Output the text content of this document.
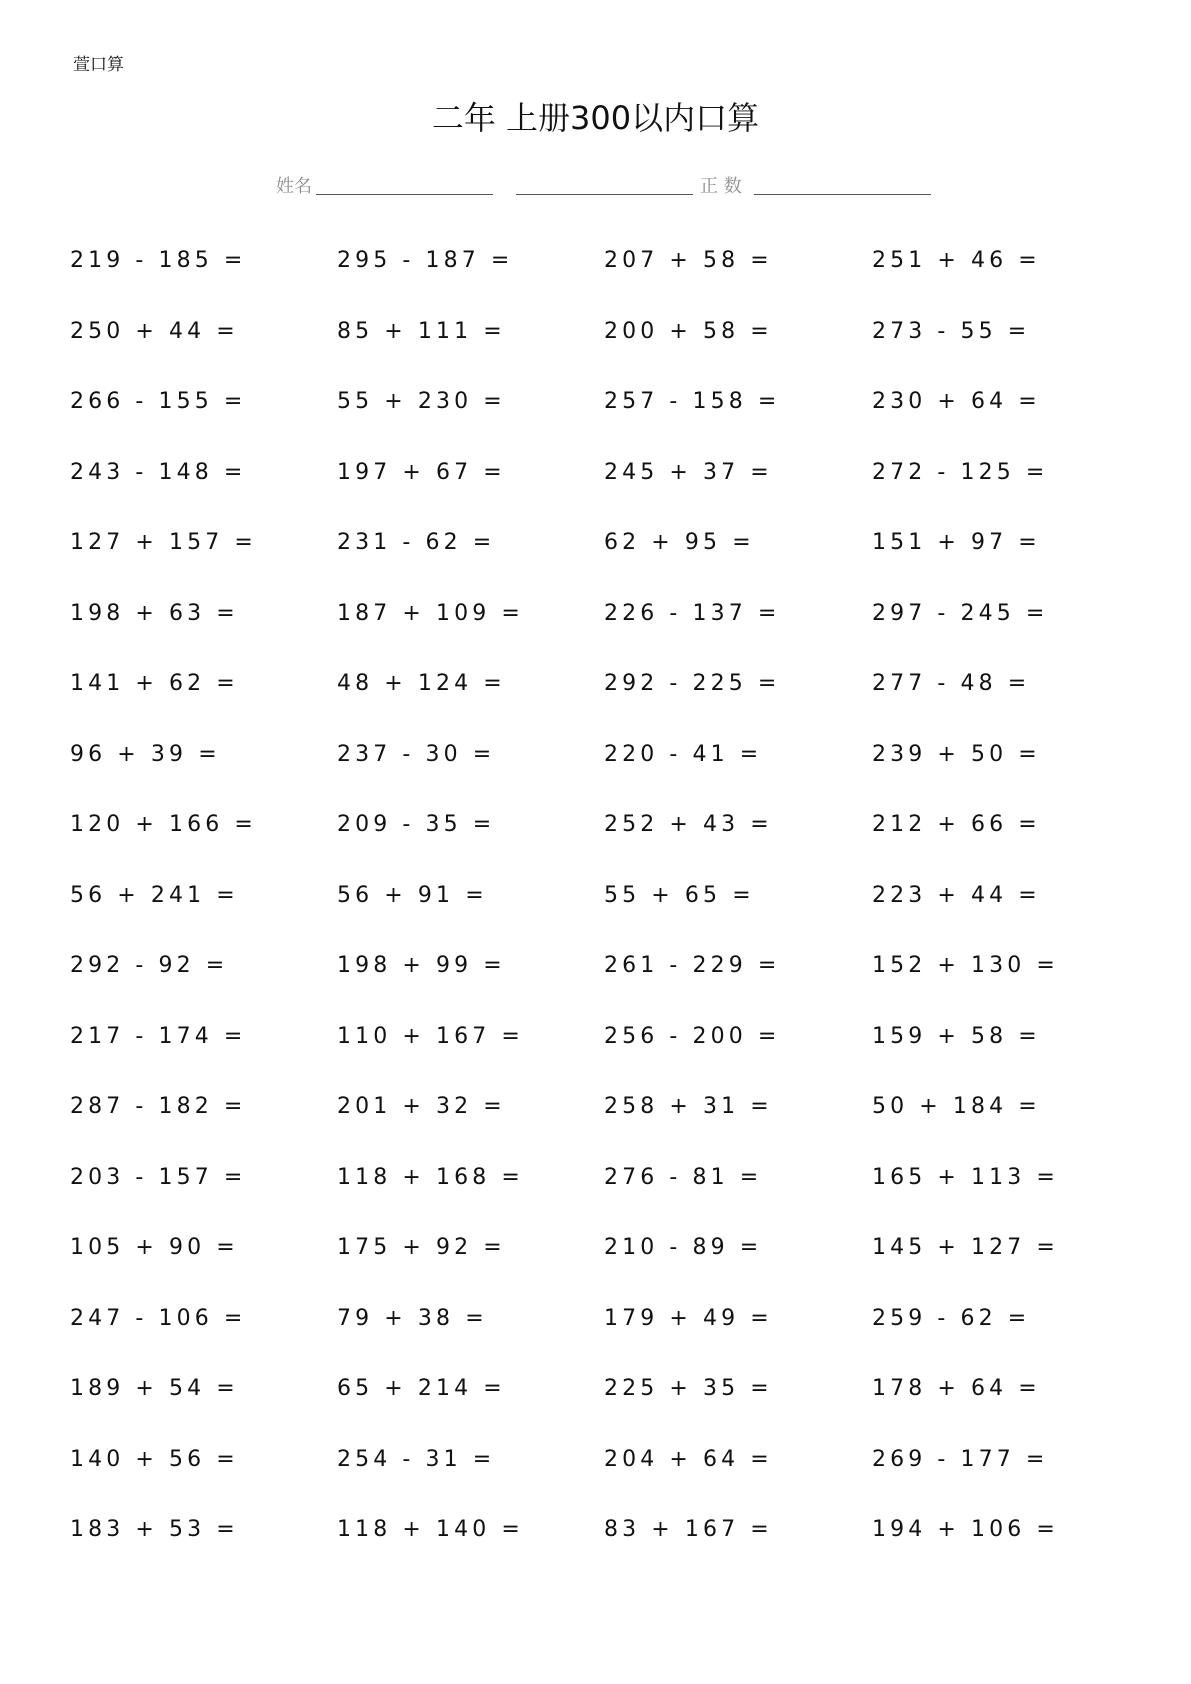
萱口算
二年 上册300以内口算
姓名	正 数
219 - 185 =	295 - 187 =	207 + 58 =	251 + 46 =
250 + 44 =	85 + 111 =	200 + 58 =	273 - 55 =
266 - 155 =	55 + 230 =	257 - 158 =	230 + 64 =
243 - 148 =	197 + 67 =	245 + 37 =	272 - 125 =
127 + 157 =	231 - 62 =	62 + 95 =	151 + 97 =
198 + 63 =	187 + 109 =	226 - 137 =	297 - 245 =
141 + 62 =	48 + 124 =	292 - 225 =	277 - 48 =
96 + 39 =	237 - 30 =	220 - 41 =	239 + 50 =
120 + 166 =	209 - 35 =	252 + 43 =	212 + 66 =
56 + 241 =	56 + 91 =	55 + 65 =	223 + 44 =
292 - 92 =	198 + 99 =	261 - 229 =	152 + 130 =
217 - 174 =	110 + 167 =	256 - 200 =	159 + 58 =
287 - 182 =	201 + 32 =	258 + 31 =	50 + 184 =
203 - 157 =	118 + 168 =	276 - 81 =	165 + 113 =
105 + 90 =	175 + 92 =	210 - 89 =	145 + 127 =
247 - 106 =	79 + 38 =	179 + 49 =	259 - 62 =
189 + 54 =	65 + 214 =	225 + 35 =	178 + 64 =
140 + 56 =	254 - 31 =	204 + 64 =	269 - 177 =
183 + 53 =	118 + 140 =	83 + 167 =	194 + 106 =
